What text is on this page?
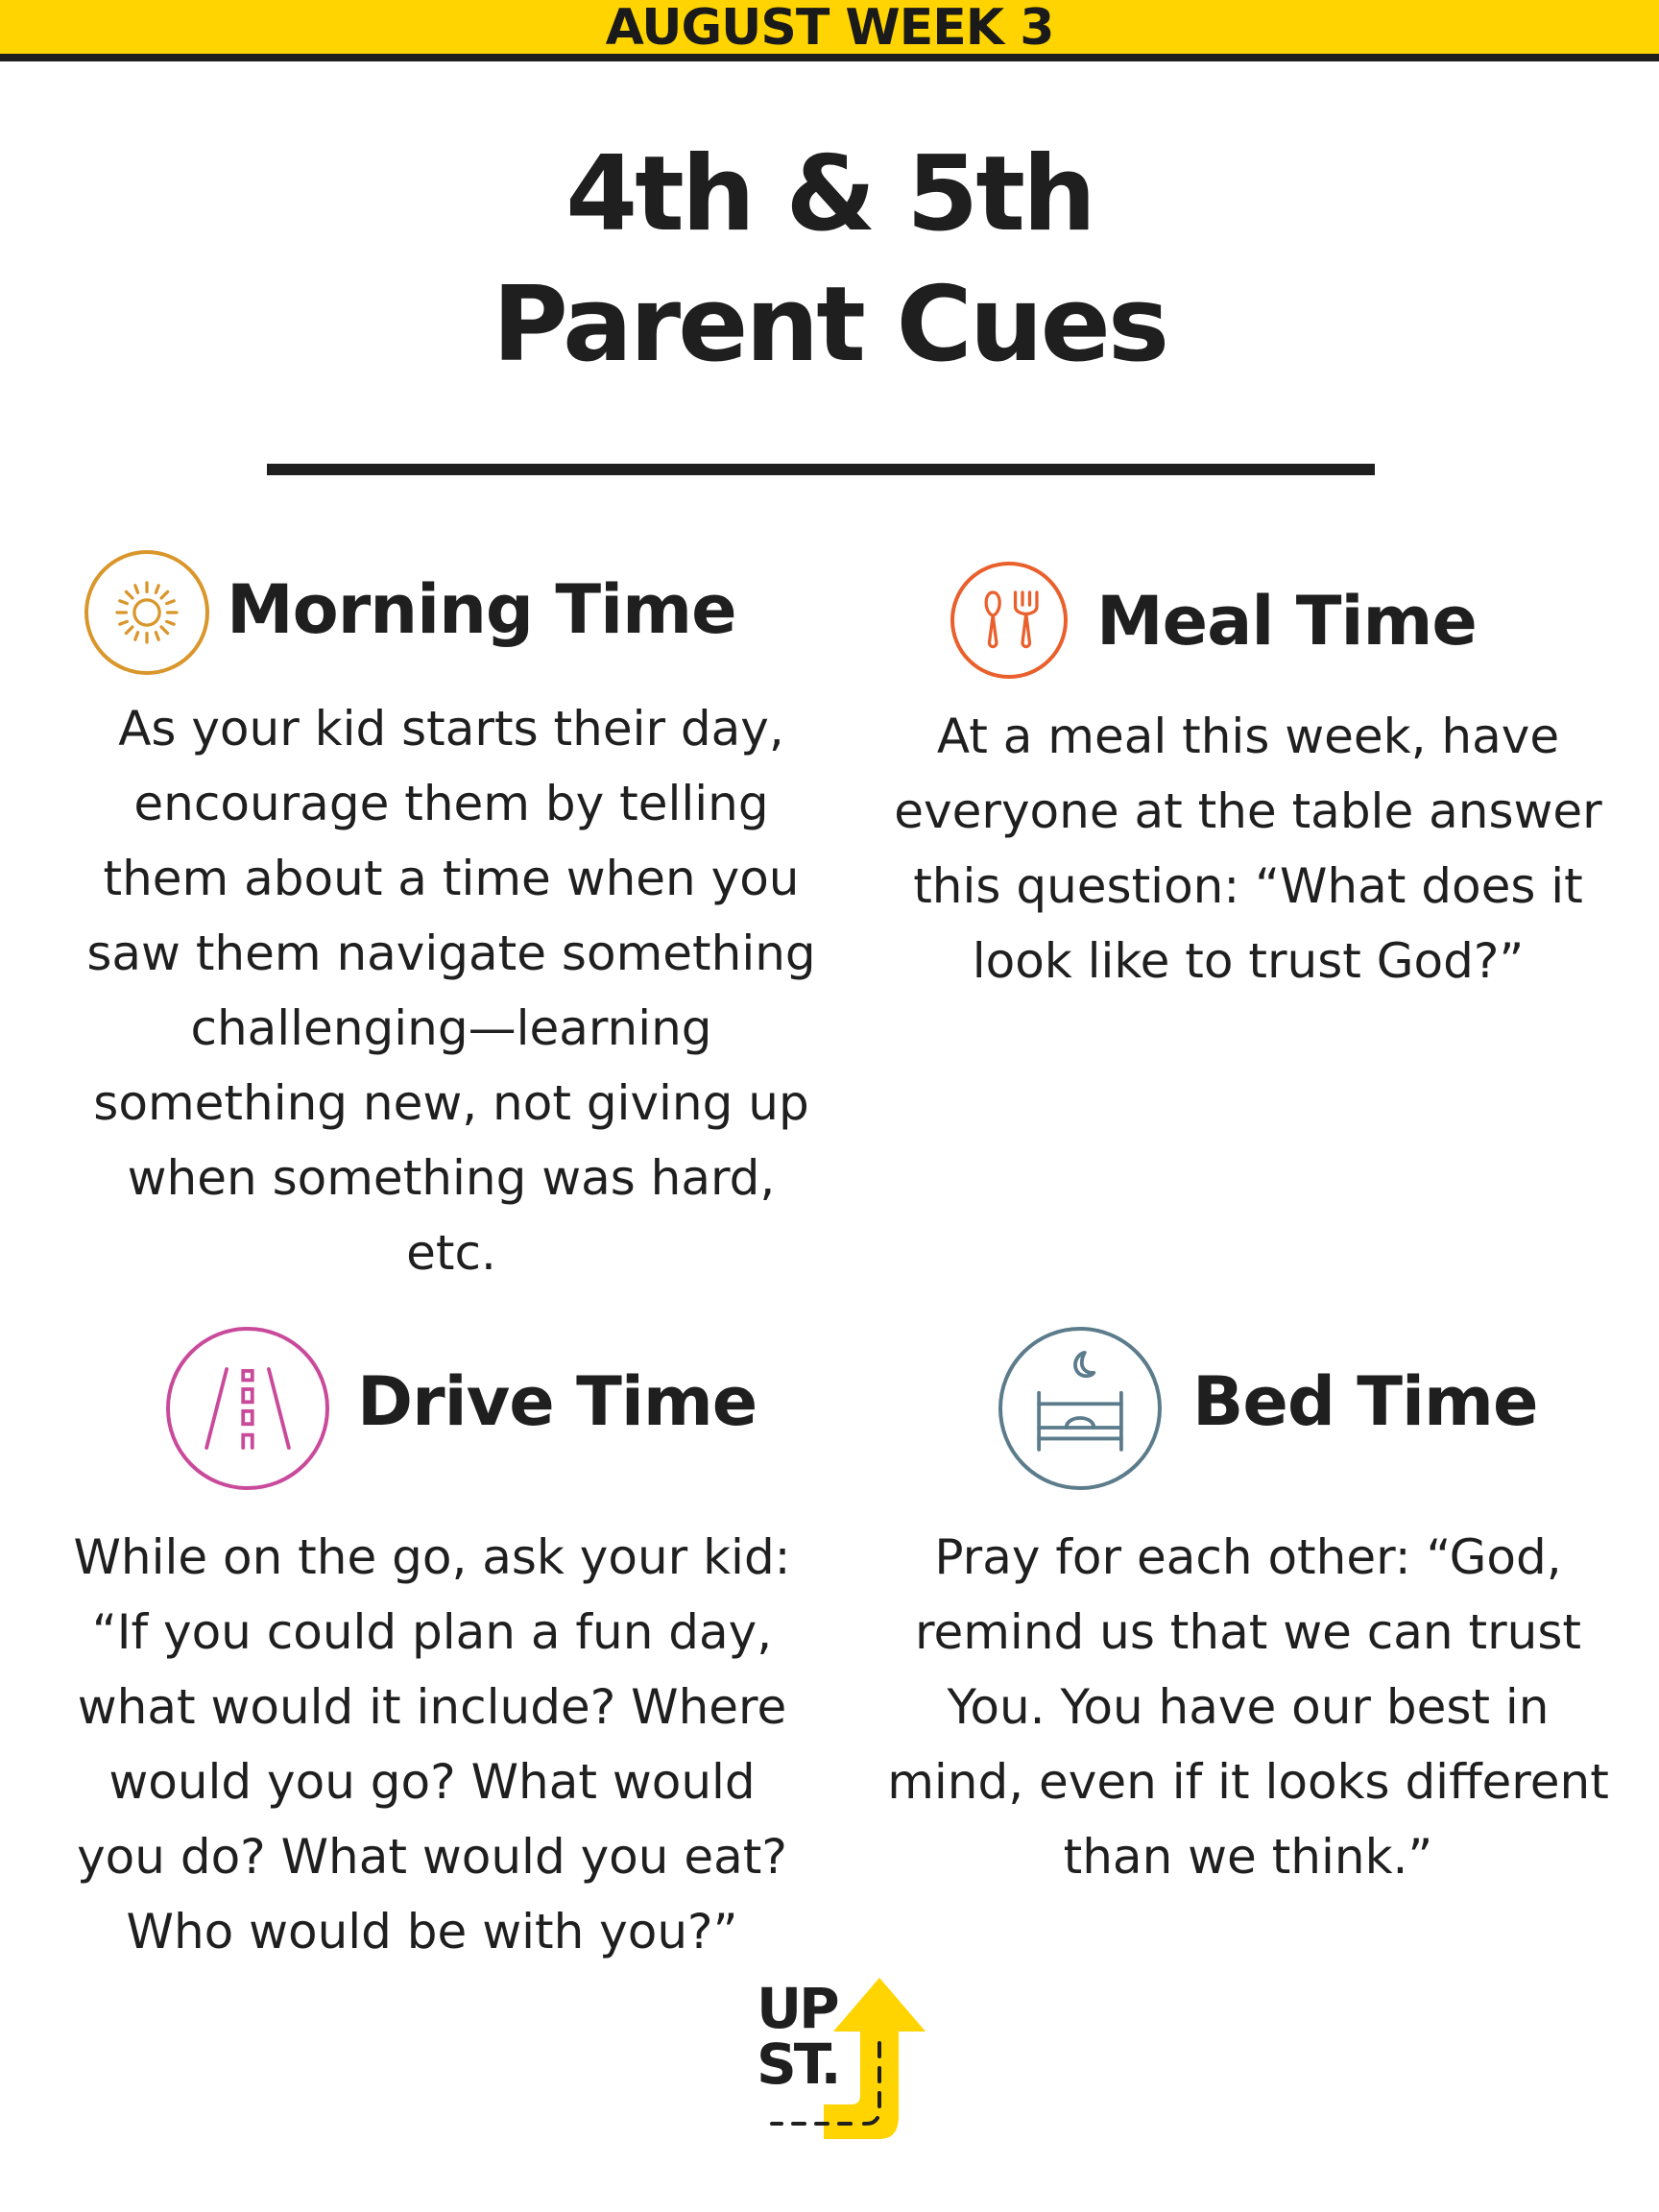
AUGUST WEEK 3
4th & 5th
Parent Cues
Morning Time

As your kid starts their day, encourage them by telling them about a time when you saw them navigate something challenging—learning something new, not giving up when something was hard, etc.

Meal Time

At a meal this week, have everyone at the table answer this question: “What does it look like to trust God?”

Drive Time

While on the go, ask your kid: “If you could plan a fun day, what would it include? Where would you go? What would you do? What would you eat? Who would be with you?”

Bed Time

Pray for each other: “God, remind us that we can trust You. You have our best in mind, even if it looks different than we think.”

UP
ST.
